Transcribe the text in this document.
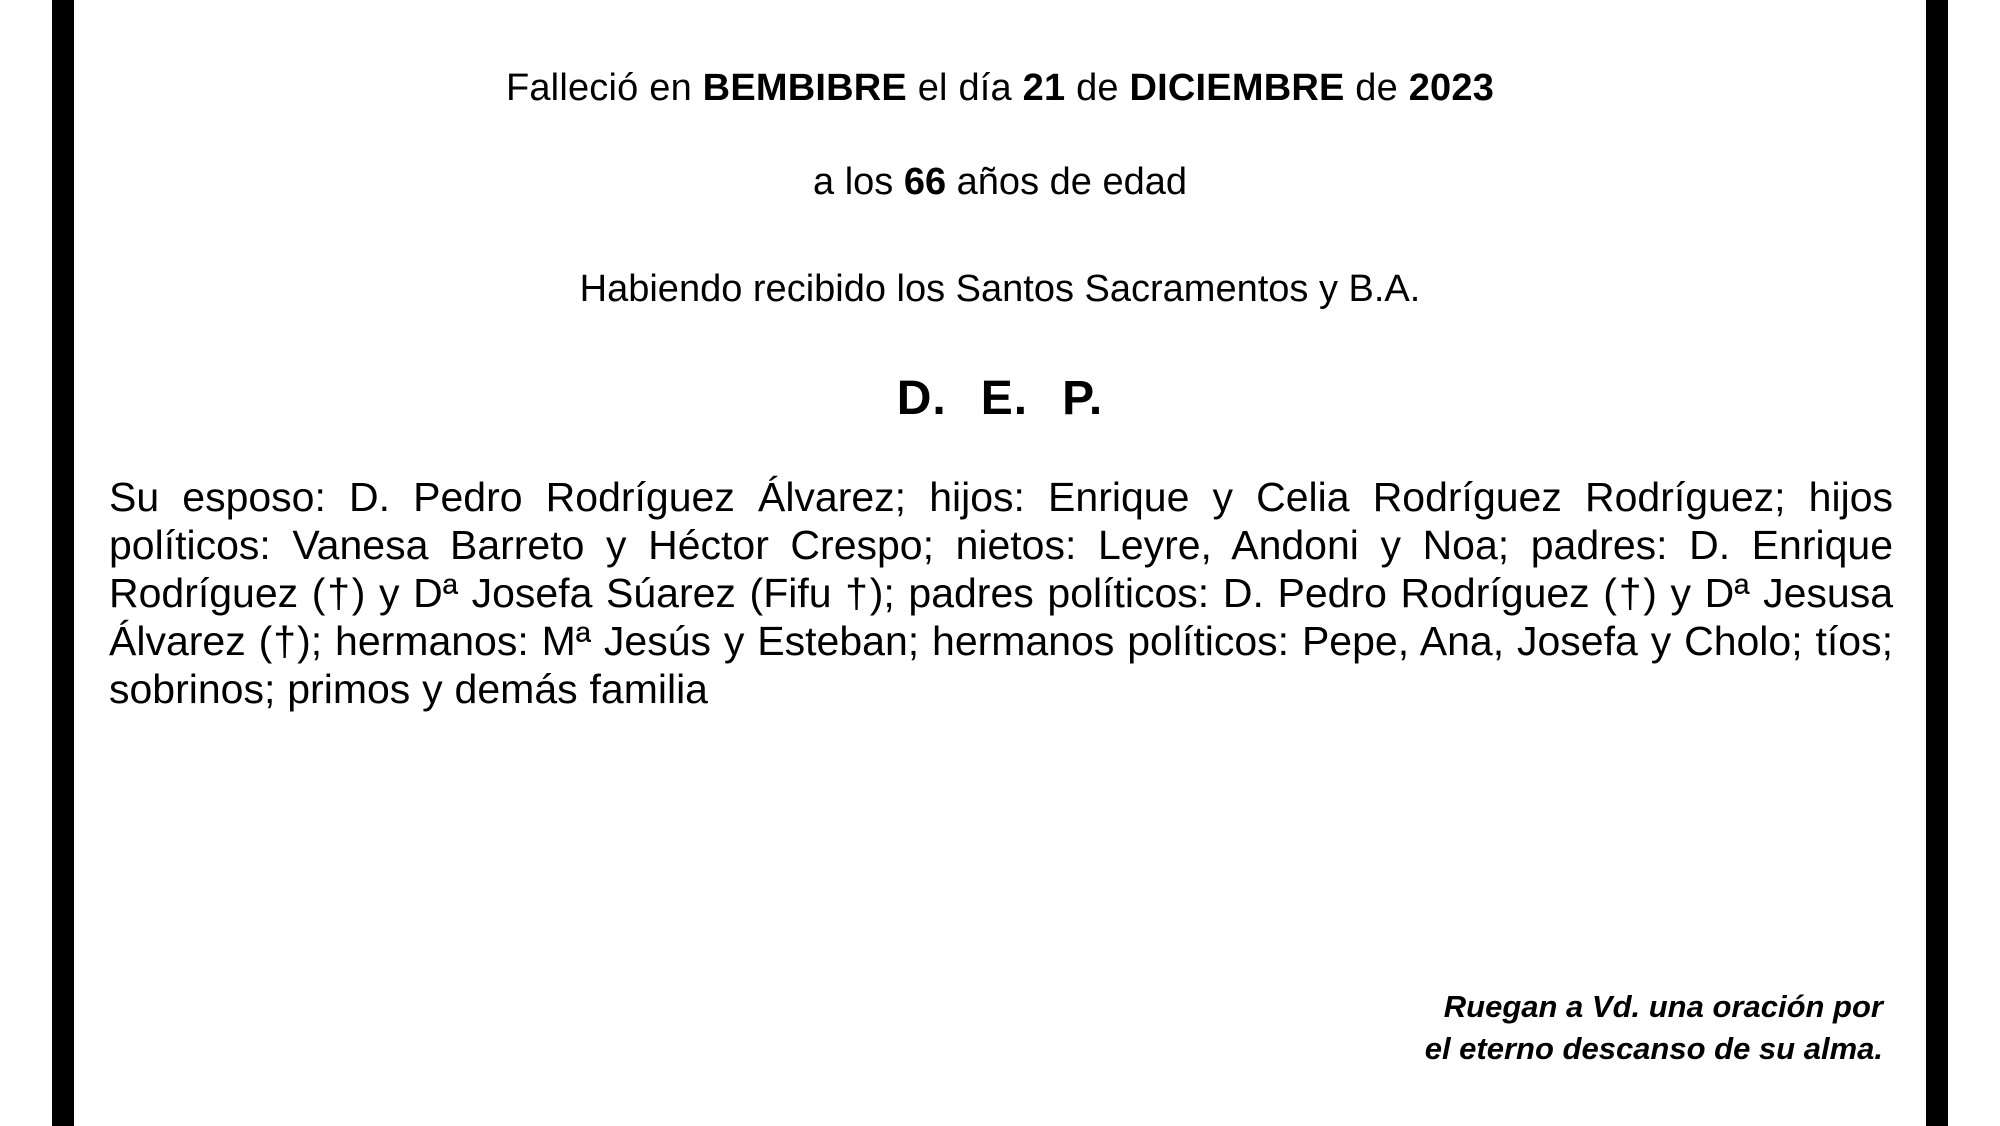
Falleció en BEMBIBRE el día 21 de DICIEMBRE de 2023
a los 66 años de edad
Habiendo recibido los Santos Sacramentos y B.A.
D. E. P.
Su esposo: D. Pedro Rodríguez Álvarez; hijos: Enrique y Celia Rodríguez Rodríguez; hijos políticos: Vanesa Barreto y Héctor Crespo; nietos: Leyre, Andoni y Noa; padres: D. Enrique Rodríguez (†) y Dª Josefa Súarez (Fifu †); padres políticos: D. Pedro Rodríguez (†) y Dª Jesusa Álvarez (†); hermanos: Mª Jesús y Esteban; hermanos políticos: Pepe, Ana, Josefa y Cholo; tíos; sobrinos; primos y demás familia
Ruegan a Vd. una oración por
el eterno descanso de su alma.
